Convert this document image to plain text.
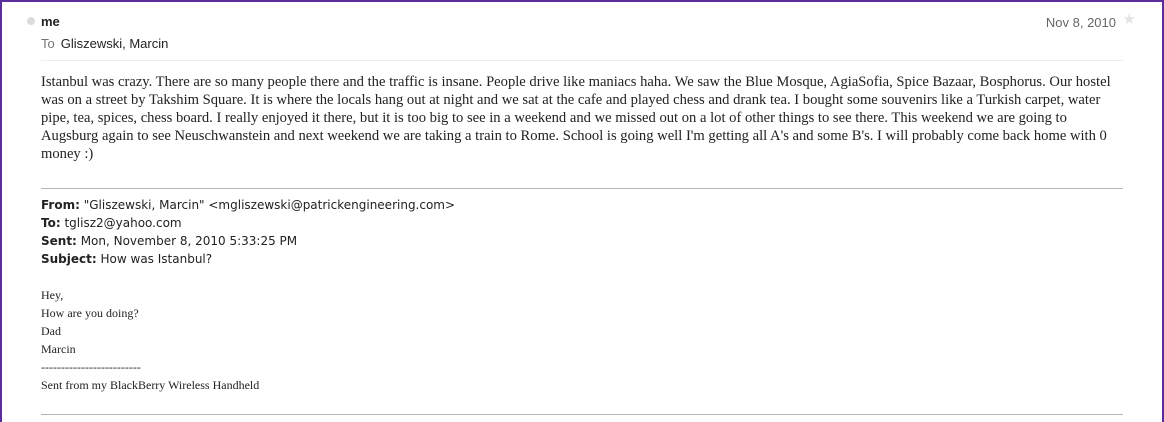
me	Nov 8, 2010 ★
To Gliszewski, Marcin
Istanbul was crazy. There are so many people there and the traffic is insane. People drive like maniacs haha. We saw the Blue Mosque, AgiaSofia, Spice Bazaar, Bosphorus. Our hostel was on a street by Takshim Square. It is where the locals hang out at night and we sat at the cafe and played chess and drank tea. I bought some souvenirs like a Turkish carpet, water pipe, tea, spices, chess board. I really enjoyed it there, but it is too big to see in a weekend and we missed out on a lot of other things to see there. This weekend we are going to Augsburg again to see Neuschwanstein and next weekend we are taking a train to Rome. School is going well I'm getting all A's and some B's. I will probably come back home with 0 money :)
From: "Gliszewski, Marcin" <mgliszewski@patrickengineering.com>
To: tglisz2@yahoo.com
Sent: Mon, November 8, 2010 5:33:25 PM
Subject: How was Istanbul?
Hey,
How are you doing?
Dad
Marcin
-------------------------
Sent from my BlackBerry Wireless Handheld
